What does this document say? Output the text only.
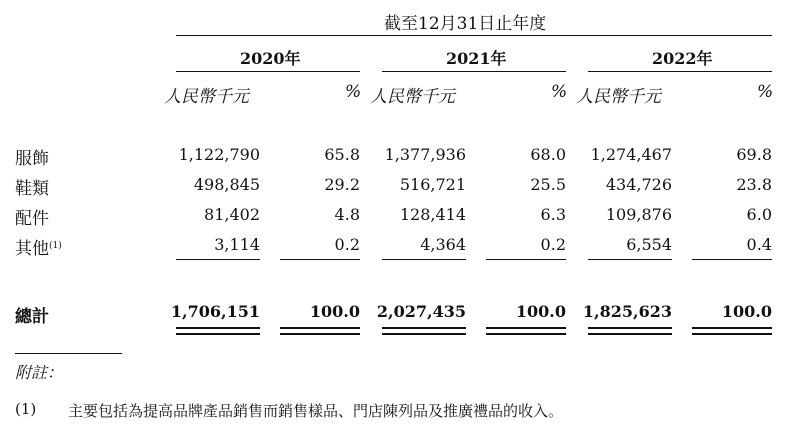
截至12月31日止年度
2020年	2021年	2022年
人民幣千元	% 人民幣千元	% 人民幣千元	%
服飾	1,122,790	65.8	1,377,936	68.0	1,274,467	69.8
鞋類	498,845	29.2	516,721	25.5	434,726	23.8
配件	81,402	4.8	128,414	6.3	109,876	6.0
其他$^{(1)}$	3,114	0.2	4,364	0.2	6,554	0.4
總計	1,706,151	100.0	2,027,435	100.0	1,825,623	100.0
附註：
(1) 主要包括為提高品牌產品銷售而銷售樣品、門店陳列品及推廣禮品的收入。
